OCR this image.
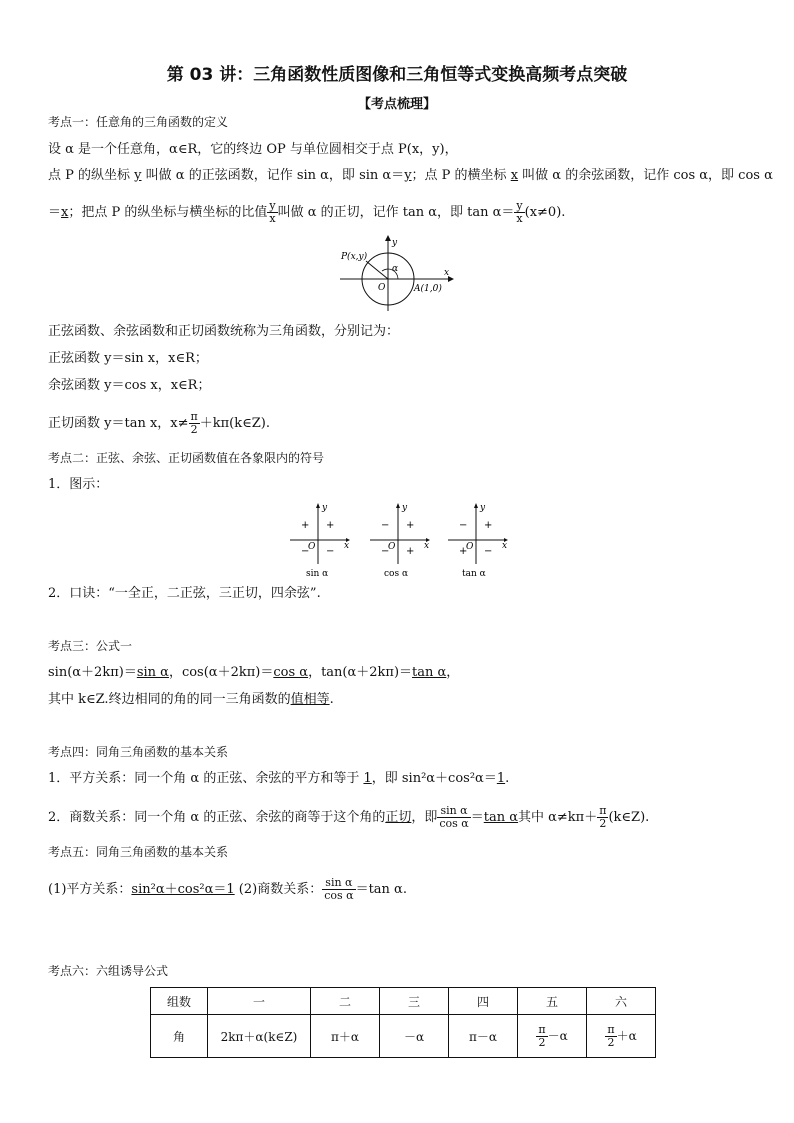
第 03 讲：三角函数性质图像和三角恒等式变换高频考点突破
【考点梳理】
考点一：任意角的三角函数的定义
设 α 是一个任意角，α∈R，它的终边 OP 与单位圆相交于点 P(x，y)，
点 P 的纵坐标 y 叫做 α 的正弦函数，记作 sin α，即 sin α＝y；点 P 的横坐标 x 叫做 α 的余弦函数，记作 cos α，即 cos α
＝x；把点 P 的纵坐标与横坐标的比值 $\frac{y}{x}$ 叫做 α 的正切，记作 tan α，即 $\tan \alpha= \frac{y}{x} (x\ne 0)$.
P(x,y)
A(1,0)
O
x
y
α
正弦函数、余弦函数和正切函数统称为三角函数，分别记为：
正弦函数 y＝sin x，x∈R；
余弦函数 y＝cos x，x∈R；
正切函数 y＝tan x，$x\ne \frac{\pi}{2}$ ＋kπ(k∈Z).
考点二：正弦、余弦、正切函数值在各象限内的符号
1．图示：
+ +
− −
O	x
y
sin α
− +
− +
O	x
y
cos α
− +
+ −
O	x
y
tan α
2．口诀：“一全正，二正弦，三正切，四余弦”.
考点三：公式一
sin(α＋2kπ)＝sin α，cos(α＋2kπ)＝cos α，tan(α＋2kπ)＝tan α，
其中 k∈Z.终边相同的角的同一三角函数的值相等.
考点四：同角三角函数的基本关系
1．平方关系：同一个角 α 的正弦、余弦的平方和等于 1，即 sin²α＋cos²α＝1.
2．商数关系：同一个角 α 的正弦、余弦的商等于这个角的正切，即 $\frac{\text{sin α}}{\text{cos α}} =\tan$ α其中 $\alpha\ne k\pi+ \frac{\pi}{2}$ (k∈Z).
考点五：同角三角函数的基本关系
(1)平方关系：sin²α＋cos²α＝1 (2)商数关系： $\frac{\text{sin α}}{\text{cos α}} =\tan$ α.
考点六：六组诱导公式
组数	一	二	三	四	五	六
角	2kπ＋α(k∈Z)	π＋α	－α	π－α	$\frac{\pi}{2} -\alpha$	$\frac{\pi}{2} +\alpha$
